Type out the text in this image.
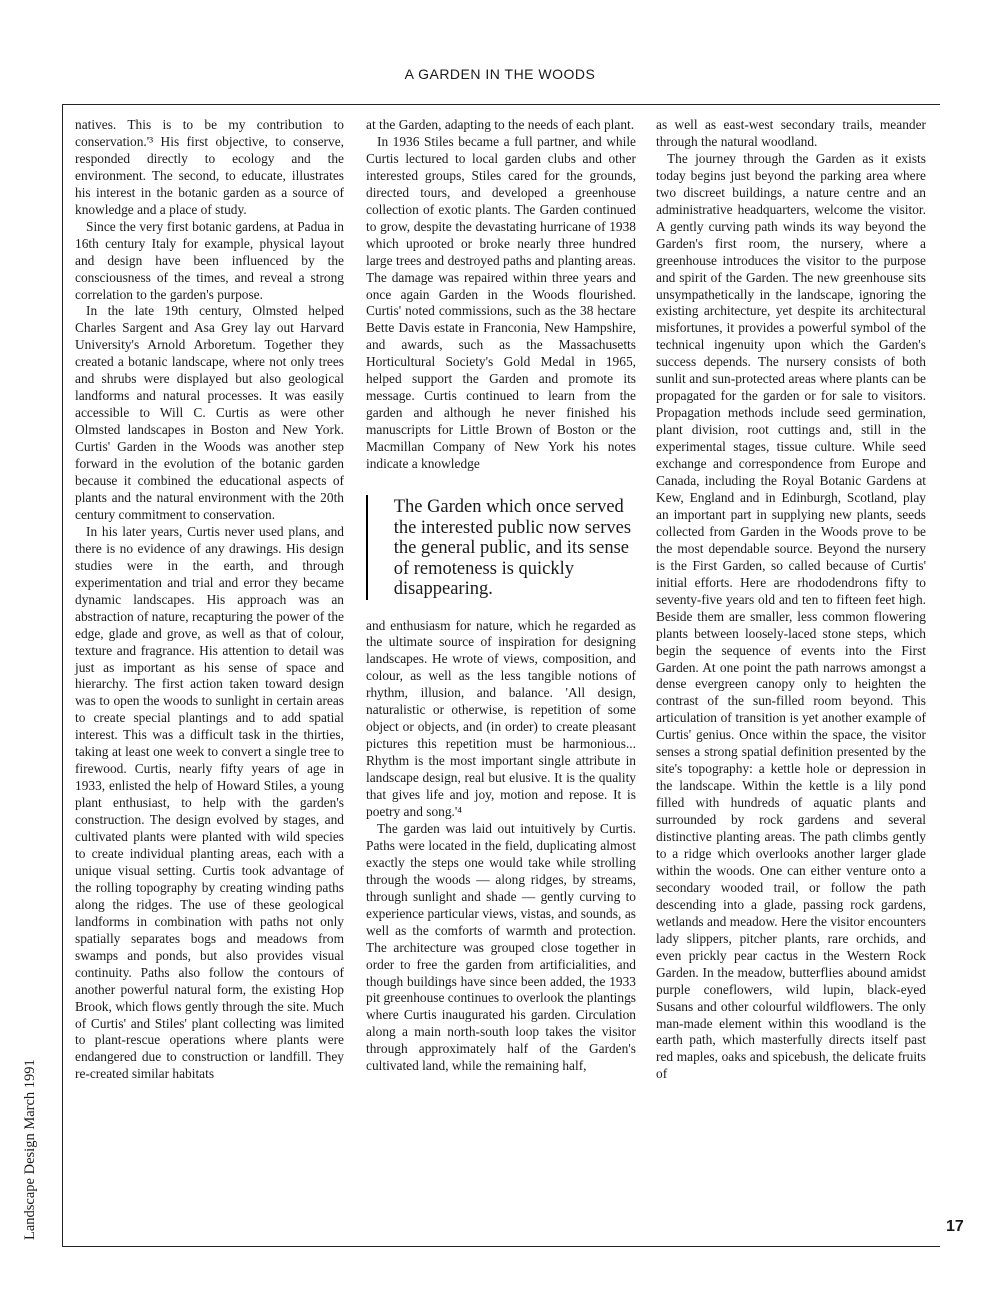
A GARDEN IN THE WOODS
Landscape Design March 1991	17

natives. This is to be my contribution to conservation.'³ His first objective, to conserve, responded directly to ecology and the environment. The second, to educate, illustrates his interest in the botanic garden as a source of knowledge and a place of study.

Since the very first botanic gardens, at Padua in 16th century Italy for example, physical layout and design have been influenced by the consciousness of the times, and reveal a strong correlation to the garden's purpose.

In the late 19th century, Olmsted helped Charles Sargent and Asa Grey lay out Harvard University's Arnold Arboretum. Together they created a botanic landscape, where not only trees and shrubs were displayed but also geological landforms and natural processes. It was easily accessible to Will C. Curtis as were other Olmsted landscapes in Boston and New York. Curtis' Garden in the Woods was another step forward in the evolution of the botanic garden because it combined the educational aspects of plants and the natural environment with the 20th century commitment to conservation.

In his later years, Curtis never used plans, and there is no evidence of any drawings. His design studies were in the earth, and through experimentation and trial and error they became dynamic landscapes. His approach was an abstraction of nature, recapturing the power of the edge, glade and grove, as well as that of colour, texture and fragrance. His attention to detail was just as important as his sense of space and hierarchy. The first action taken toward design was to open the woods to sunlight in certain areas to create special plantings and to add spatial interest. This was a difficult task in the thirties, taking at least one week to convert a single tree to firewood. Curtis, nearly fifty years of age in 1933, enlisted the help of Howard Stiles, a young plant enthusiast, to help with the garden's construction. The design evolved by stages, and cultivated plants were planted with wild species to create individual planting areas, each with a unique visual setting. Curtis took advantage of the rolling topography by creating winding paths along the ridges. The use of these geological landforms in combination with paths not only spatially separates bogs and meadows from swamps and ponds, but also provides visual continuity. Paths also follow the contours of another powerful natural form, the existing Hop Brook, which flows gently through the site. Much of Curtis' and Stiles' plant collecting was limited to plant-rescue operations where plants were endangered due to construction or landfill. They re-created similar habitats

at the Garden, adapting to the needs of each plant.

In 1936 Stiles became a full partner, and while Curtis lectured to local garden clubs and other interested groups, Stiles cared for the grounds, directed tours, and developed a greenhouse collection of exotic plants. The Garden continued to grow, despite the devastating hurricane of 1938 which uprooted or broke nearly three hundred large trees and destroyed paths and planting areas. The damage was repaired within three years and once again Garden in the Woods flourished. Curtis' noted commissions, such as the 38 hectare Bette Davis estate in Franconia, New Hampshire, and awards, such as the Massachusetts Horticultural Society's Gold Medal in 1965, helped support the Garden and promote its message. Curtis continued to learn from the garden and although he never finished his manuscripts for Little Brown of Boston or the Macmillan Company of New York his notes indicate a knowledge

The Garden which once served the interested public now serves the general public, and its sense of remoteness is quickly disappearing.

and enthusiasm for nature, which he regarded as the ultimate source of inspiration for designing landscapes. He wrote of views, composition, and colour, as well as the less tangible notions of rhythm, illusion, and balance. 'All design, naturalistic or otherwise, is repetition of some object or objects, and (in order) to create pleasant pictures this repetition must be harmonious... Rhythm is the most important single attribute in landscape design, real but elusive. It is the quality that gives life and joy, motion and repose. It is poetry and song.'⁴

The garden was laid out intuitively by Curtis. Paths were located in the field, duplicating almost exactly the steps one would take while strolling through the woods — along ridges, by streams, through sunlight and shade — gently curving to experience particular views, vistas, and sounds, as well as the comforts of warmth and protection. The architecture was grouped close together in order to free the garden from artificialities, and though buildings have since been added, the 1933 pit greenhouse continues to overlook the plantings where Curtis inaugurated his garden. Circulation along a main north-south loop takes the visitor through approximately half of the Garden's cultivated land, while the remaining half,

as well as east-west secondary trails, meander through the natural woodland.

The journey through the Garden as it exists today begins just beyond the parking area where two discreet buildings, a nature centre and an administrative headquarters, welcome the visitor. A gently curving path winds its way beyond the Garden's first room, the nursery, where a greenhouse introduces the visitor to the purpose and spirit of the Garden. The new greenhouse sits unsympathetically in the landscape, ignoring the existing architecture, yet despite its architectural misfortunes, it provides a powerful symbol of the technical ingenuity upon which the Garden's success depends. The nursery consists of both sunlit and sun-protected areas where plants can be propagated for the garden or for sale to visitors. Propagation methods include seed germination, plant division, root cuttings and, still in the experimental stages, tissue culture. While seed exchange and correspondence from Europe and Canada, including the Royal Botanic Gardens at Kew, England and in Edinburgh, Scotland, play an important part in supplying new plants, seeds collected from Garden in the Woods prove to be the most dependable source. Beyond the nursery is the First Garden, so called because of Curtis' initial efforts. Here are rhododendrons fifty to seventy-five years old and ten to fifteen feet high. Beside them are smaller, less common flowering plants between loosely-laced stone steps, which begin the sequence of events into the First Garden. At one point the path narrows amongst a dense evergreen canopy only to heighten the contrast of the sun-filled room beyond. This articulation of transition is yet another example of Curtis' genius. Once within the space, the visitor senses a strong spatial definition presented by the site's topography: a kettle hole or depression in the landscape. Within the kettle is a lily pond filled with hundreds of aquatic plants and surrounded by rock gardens and several distinctive planting areas. The path climbs gently to a ridge which overlooks another larger glade within the woods. One can either venture onto a secondary wooded trail, or follow the path descending into a glade, passing rock gardens, wetlands and meadow. Here the visitor encounters lady slippers, pitcher plants, rare orchids, and even prickly pear cactus in the Western Rock Garden. In the meadow, butterflies abound amidst purple coneflowers, wild lupin, black-eyed Susans and other colourful wildflowers. The only man-made element within this woodland is the earth path, which masterfully directs itself past red maples, oaks and spicebush, the delicate fruits of
